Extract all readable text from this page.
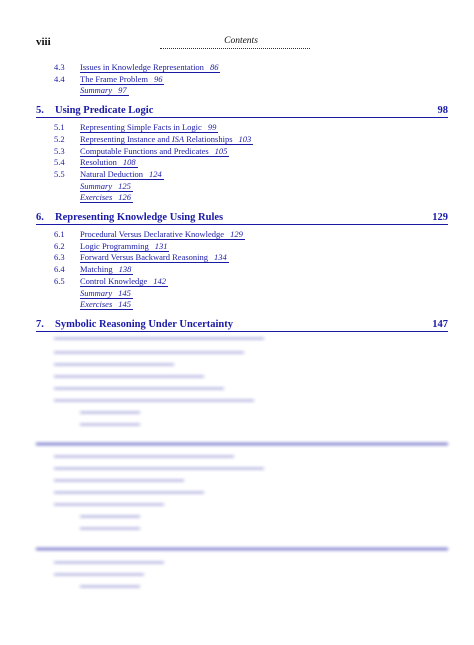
viii	Contents
4.3 Issues in Knowledge Representation 86
4.4 The Frame Problem 96
Summary 97
5. Using Predicate Logic	98
5.1 Representing Simple Facts in Logic 99
5.2 Representing Instance and ISA Relationships 103
5.3 Computable Functions and Predicates 105
5.4 Resolution 108
5.5 Natural Deduction 124
Summary 125
Exercises 126
6. Representing Knowledge Using Rules	129
6.1 Procedural Versus Declarative Knowledge 129
6.2 Logic Programming 131
6.3 Forward Versus Backward Reasoning 134
6.4 Matching 138
6.5 Control Knowledge 142
Summary 145
Exercises 145
7. Symbolic Reasoning Under Uncertainty	147
